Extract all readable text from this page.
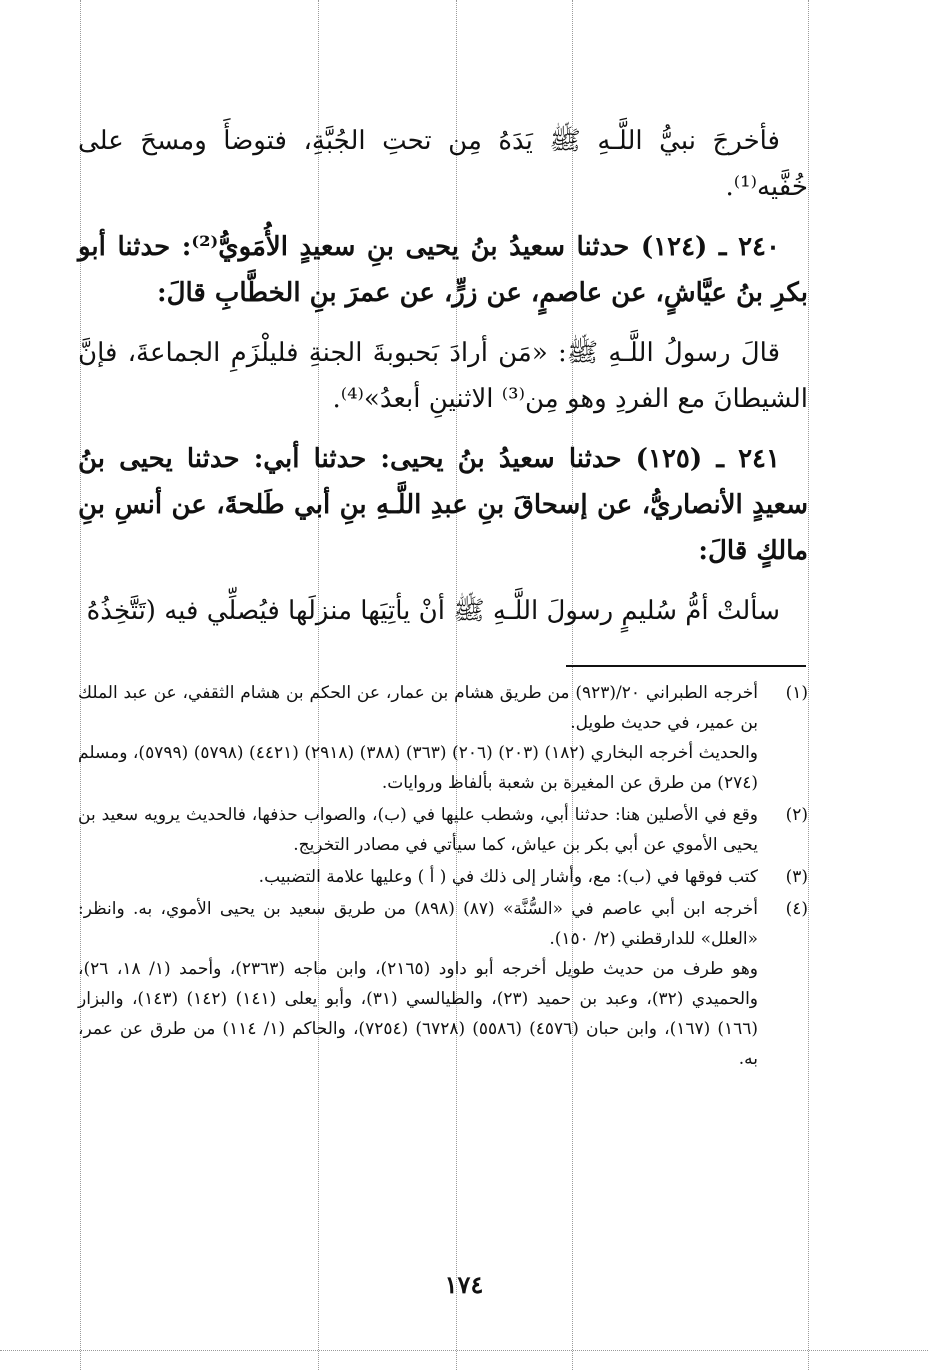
فأخرجَ نبيُّ اللَّـهِ ﷺ يَدَهُ مِن تحتِ الجُبَّةِ، فتوضأَ ومسحَ على خُفَّيه⁽¹⁾.

٢٤٠ ـ (١٢٤) حدثنا سعيدُ بنُ يحيى بنِ سعيدٍ الأُمَويُّ⁽²⁾: حدثنا أبو بكرِ بنُ عيَّاشٍ، عن عاصمٍ، عن زرٍّ، عن عمرَ بنِ الخطَّابِ قالَ:

قالَ رسولُ اللَّـهِ ﷺ: «مَن أرادَ بَحبوبةَ الجنةِ فليلْزَمِ الجماعةَ، فإنَّ الشيطانَ مع الفردِ وهو مِن⁽³⁾ الاثنينِ أبعدُ»⁽⁴⁾.

٢٤١ ـ (١٢٥) حدثنا سعيدُ بنُ يحيى: حدثنا أبي: حدثنا يحيى بنُ سعيدٍ الأنصاريُّ، عن إسحاقَ بنِ عبدِ اللَّـهِ بنِ أبي طَلحةَ، عن أنسِ بنِ مالكٍ قالَ:

سألتْ أمُّ سُليمٍ رسولَ اللَّـهِ ﷺ أنْ يأتِيَها منزلَها فيُصلِّي فيه (تَتَّخِذُهُ

(١)

أخرجه الطبراني ٢٠/(٩٢٣) من طريق هشام بن عمار، عن الحكم بن هشام الثقفي، عن عبد الملك بن عمير، في حديث طويل.

والحديث أخرجه البخاري (١٨٢) (٢٠٣) (٢٠٦) (٣٦٣) (٣٨٨) (٢٩١٨) (٤٤٢١) (٥٧٩٨) (٥٧٩٩)، ومسلم (٢٧٤) من طرق عن المغيرة بن شعبة بألفاظ وروايات.

(٢)

وقع في الأصلين هنا: حدثنا أبي، وشطب عليها في (ب)، والصواب حذفها، فالحديث يرويه سعيد بن يحيى الأموي عن أبي بكر بن عياش، كما سيأتي في مصادر التخريج.

(٣)

كتب فوقها في (ب): مع، وأشار إلى ذلك في ( أ ) وعليها علامة التضبيب.

(٤)

أخرجه ابن أبي عاصم في «السُّنَّة» (٨٧) (٨٩٨) من طريق سعيد بن يحيى الأموي، به. وانظر: «العلل» للدارقطني (٢/ ١٥٠).

وهو طرف من حديث طويل أخرجه أبو داود (٢١٦٥)، وابن ماجه (٢٣٦٣)، وأحمد (١/ ١٨، ٢٦)، والحميدي (٣٢)، وعبد بن حميد (٢٣)، والطيالسي (٣١)، وأبو يعلى (١٤١) (١٤٢) (١٤٣)، والبزار (١٦٦) (١٦٧)، وابن حبان (٤٥٧٦) (٥٥٨٦) (٦٧٢٨) (٧٢٥٤)، والحاكم (١/ ١١٤) من طرق عن عمر، به.

١٧٤
